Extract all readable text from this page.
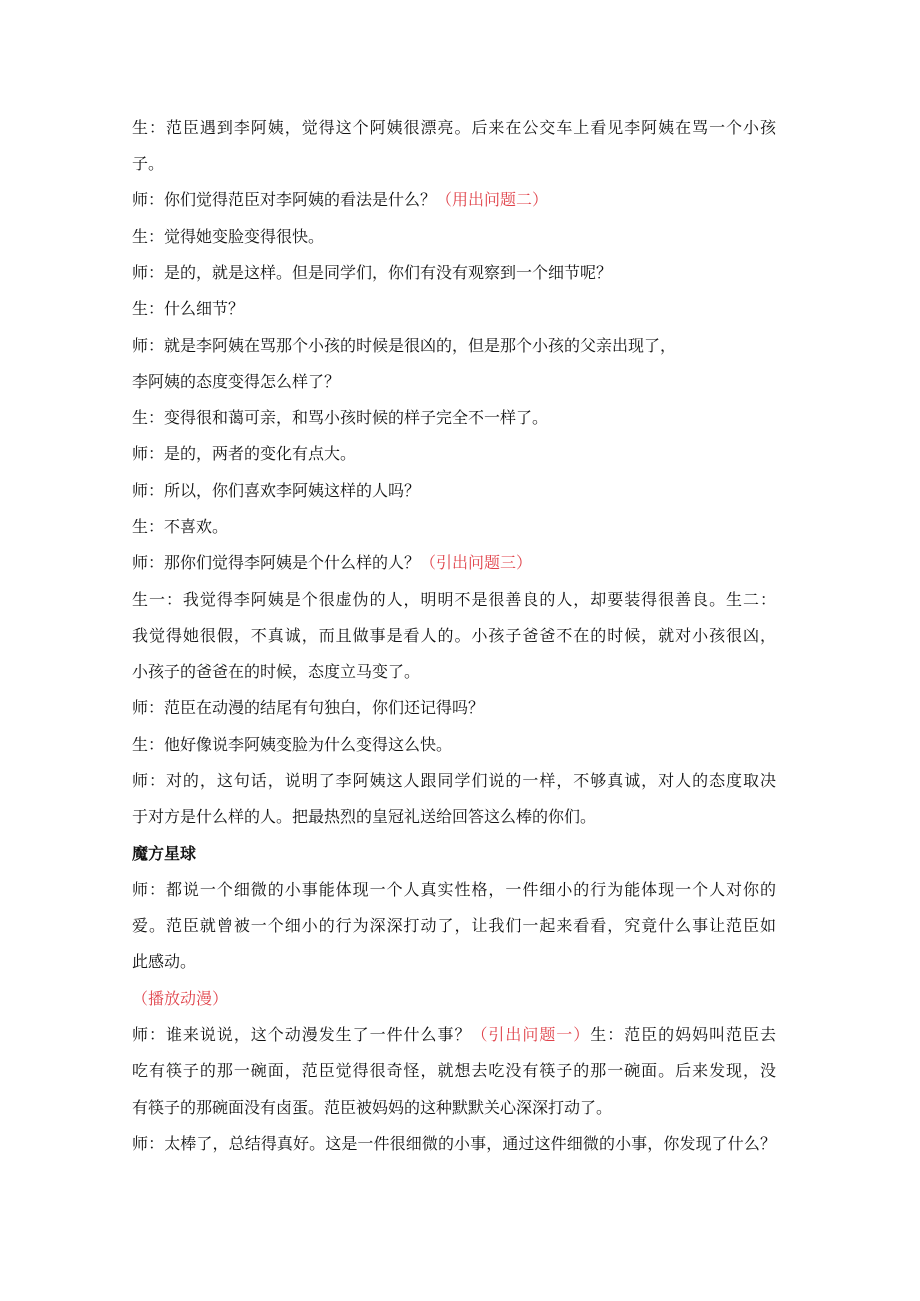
生：范臣遇到李阿姨，觉得这个阿姨很漂亮。后来在公交车上看见李阿姨在骂一个小孩

子。

师：你们觉得范臣对李阿姨的看法是什么？（用出问题二）

生：觉得她变脸变得很快。

师：是的，就是这样。但是同学们，你们有没有观察到一个细节呢？

生：什么细节？

师：就是李阿姨在骂那个小孩的时候是很凶的，但是那个小孩的父亲出现了，

李阿姨的态度变得怎么样了？

生：变得很和蔼可亲，和骂小孩时候的样子完全不一样了。

师：是的，两者的变化有点大。

师：所以，你们喜欢李阿姨这样的人吗？

生：不喜欢。

师：那你们觉得李阿姨是个什么样的人？（引出问题三）

生一：我觉得李阿姨是个很虚伪的人，明明不是很善良的人，却要装得很善良。生二：

我觉得她很假，不真诚，而且做事是看人的。小孩子爸爸不在的时候，就对小孩很凶，

小孩子的爸爸在的时候，态度立马变了。

师：范臣在动漫的结尾有句独白，你们还记得吗？

生：他好像说李阿姨变脸为什么变得这么快。

师：对的，这句话，说明了李阿姨这人跟同学们说的一样，不够真诚，对人的态度取决

于对方是什么样的人。把最热烈的皇冠礼送给回答这么棒的你们。

魔方星球

师：都说一个细微的小事能体现一个人真实性格，一件细小的行为能体现一个人对你的

爱。范臣就曾被一个细小的行为深深打动了，让我们一起来看看，究竟什么事让范臣如

此感动。

（播放动漫）

师：谁来说说，这个动漫发生了一件什么事？（引出问题一）生：范臣的妈妈叫范臣去

吃有筷子的那一碗面，范臣觉得很奇怪，就想去吃没有筷子的那一碗面。后来发现，没

有筷子的那碗面没有卤蛋。范臣被妈妈的这种默默关心深深打动了。

师：太棒了，总结得真好。这是一件很细微的小事，通过这件细微的小事，你发现了什么？
